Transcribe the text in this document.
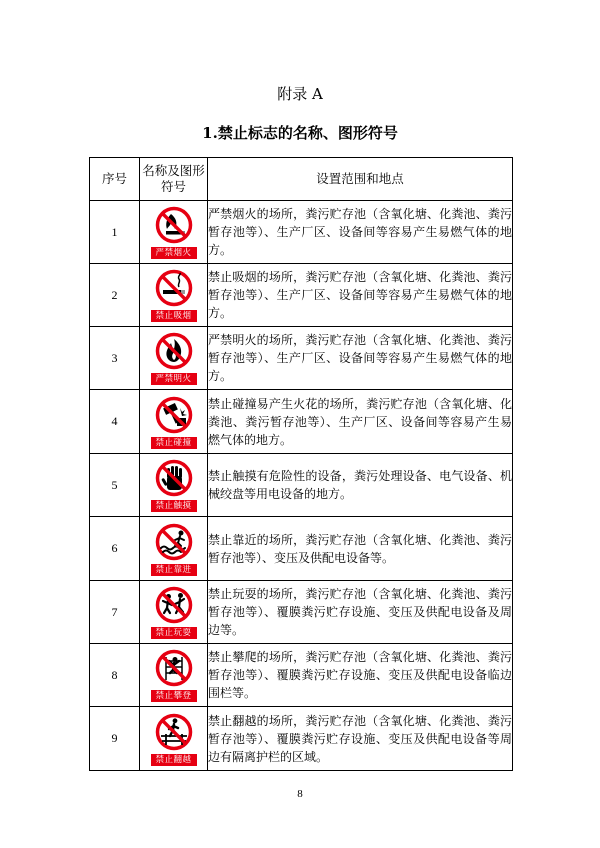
附录 A
1.禁止标志的名称、图形符号
序号	名称及图形符号	设置范围和地点
1	严禁烟火	严禁烟火的场所，粪污贮存池（含氧化塘、化粪池、粪污暂存池等）、生产厂区、设备间等容易产生易燃气体的地方。
2	禁止吸烟	禁止吸烟的场所，粪污贮存池（含氧化塘、化粪池、粪污暂存池等）、生产厂区、设备间等容易产生易燃气体的地方。
3	严禁明火	严禁明火的场所，粪污贮存池（含氧化塘、化粪池、粪污暂存池等）、生产厂区、设备间等容易产生易燃气体的地方。
4	禁止碰撞	禁止碰撞易产生火花的场所，粪污贮存池（含氧化塘、化粪池、粪污暂存池等）、生产厂区、设备间等容易产生易燃气体的地方。
5	禁止触摸	禁止触摸有危险性的设备，粪污处理设备、电气设备、机械绞盘等用电设备的地方。
6	禁止靠进	禁止靠近的场所，粪污贮存池（含氧化塘、化粪池、粪污暂存池等）、变压及供配电设备等。
7	禁止玩耍	禁止玩耍的场所，粪污贮存池（含氧化塘、化粪池、粪污暂存池等）、覆膜粪污贮存设施、变压及供配电设备及周边等。
8	禁止攀登	禁止攀爬的场所，粪污贮存池（含氧化塘、化粪池、粪污暂存池等）、覆膜粪污贮存设施、变压及供配电设备临边围栏等。
9	禁止翻越	禁止翻越的场所，粪污贮存池（含氧化塘、化粪池、粪污暂存池等）、覆膜粪污贮存设施、变压及供配电设备等周边有隔离护栏的区域。
8
